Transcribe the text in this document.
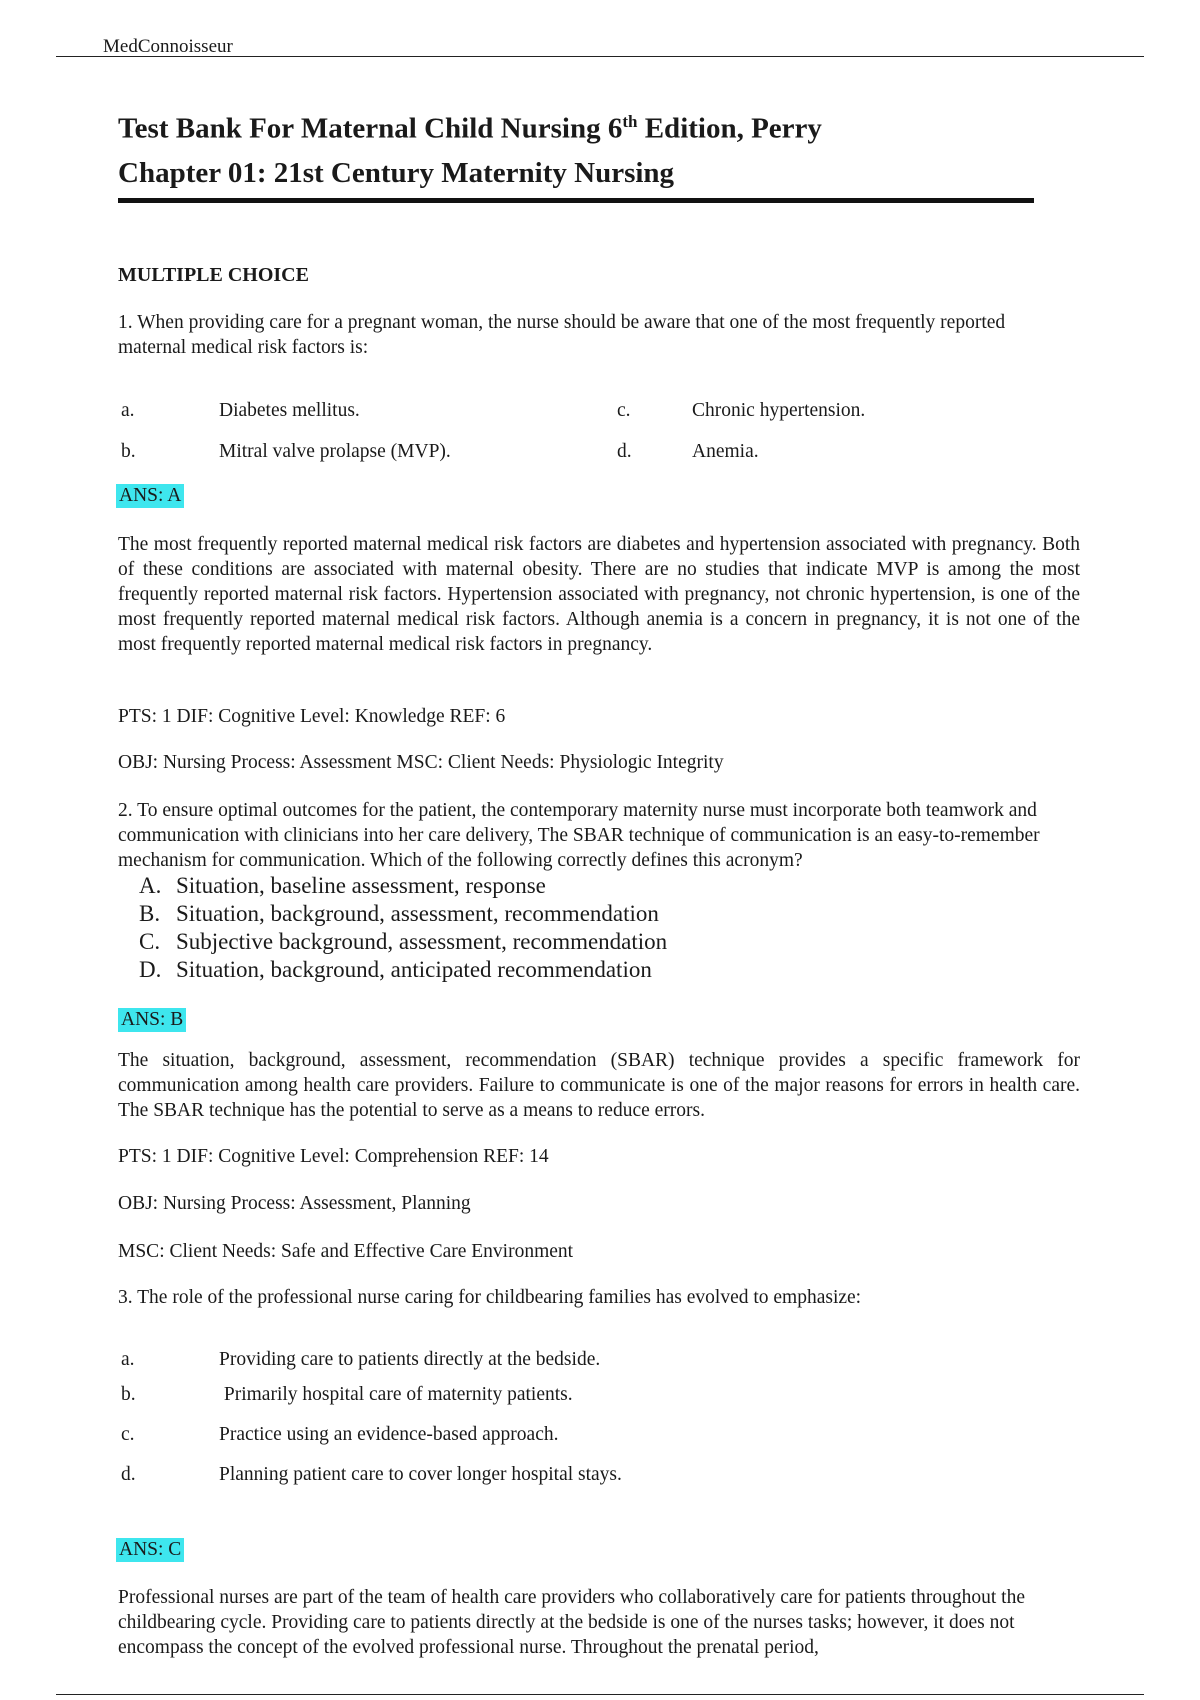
MedConnoisseur
Test Bank For Maternal Child Nursing 6th Edition, Perry
Chapter 01: 21st Century Maternity Nursing
MULTIPLE CHOICE
1. When providing care for a pregnant woman, the nurse should be aware that one of the most frequently reported maternal medical risk factors is:
a.	Diabetes mellitus.
b.	Mitral valve prolapse (MVP).
c.	Chronic hypertension.
d.	Anemia.
ANS: A
The most frequently reported maternal medical risk factors are diabetes and hypertension associated with pregnancy. Both of these conditions are associated with maternal obesity. There are no studies that indicate MVP is among the most frequently reported maternal risk factors. Hypertension associated with pregnancy, not chronic hypertension, is one of the most frequently reported maternal medical risk factors. Although anemia is a concern in pregnancy, it is not one of the most frequently reported maternal medical risk factors in pregnancy.
PTS: 1 DIF: Cognitive Level: Knowledge REF: 6
OBJ: Nursing Process: Assessment MSC: Client Needs: Physiologic Integrity
2. To ensure optimal outcomes for the patient, the contemporary maternity nurse must incorporate both teamwork and communication with clinicians into her care delivery, The SBAR technique of communication is an easy-to-remember mechanism for communication. Which of the following correctly defines this acronym?
A. Situation, baseline assessment, response
B. Situation, background, assessment, recommendation
C. Subjective background, assessment, recommendation
D. Situation, background, anticipated recommendation
ANS: B
The situation, background, assessment, recommendation (SBAR) technique provides a specific framework for communication among health care providers. Failure to communicate is one of the major reasons for errors in health care. The SBAR technique has the potential to serve as a means to reduce errors.
PTS: 1 DIF: Cognitive Level: Comprehension REF: 14
OBJ: Nursing Process: Assessment, Planning
MSC: Client Needs: Safe and Effective Care Environment
3. The role of the professional nurse caring for childbearing families has evolved to emphasize:
a.	Providing care to patients directly at the bedside.
b.	Primarily hospital care of maternity patients.
c.	Practice using an evidence-based approach.
d.	Planning patient care to cover longer hospital stays.
ANS: C
Professional nurses are part of the team of health care providers who collaboratively care for patients throughout the childbearing cycle. Providing care to patients directly at the bedside is one of the nurses tasks; however, it does not encompass the concept of the evolved professional nurse. Throughout the prenatal period,
